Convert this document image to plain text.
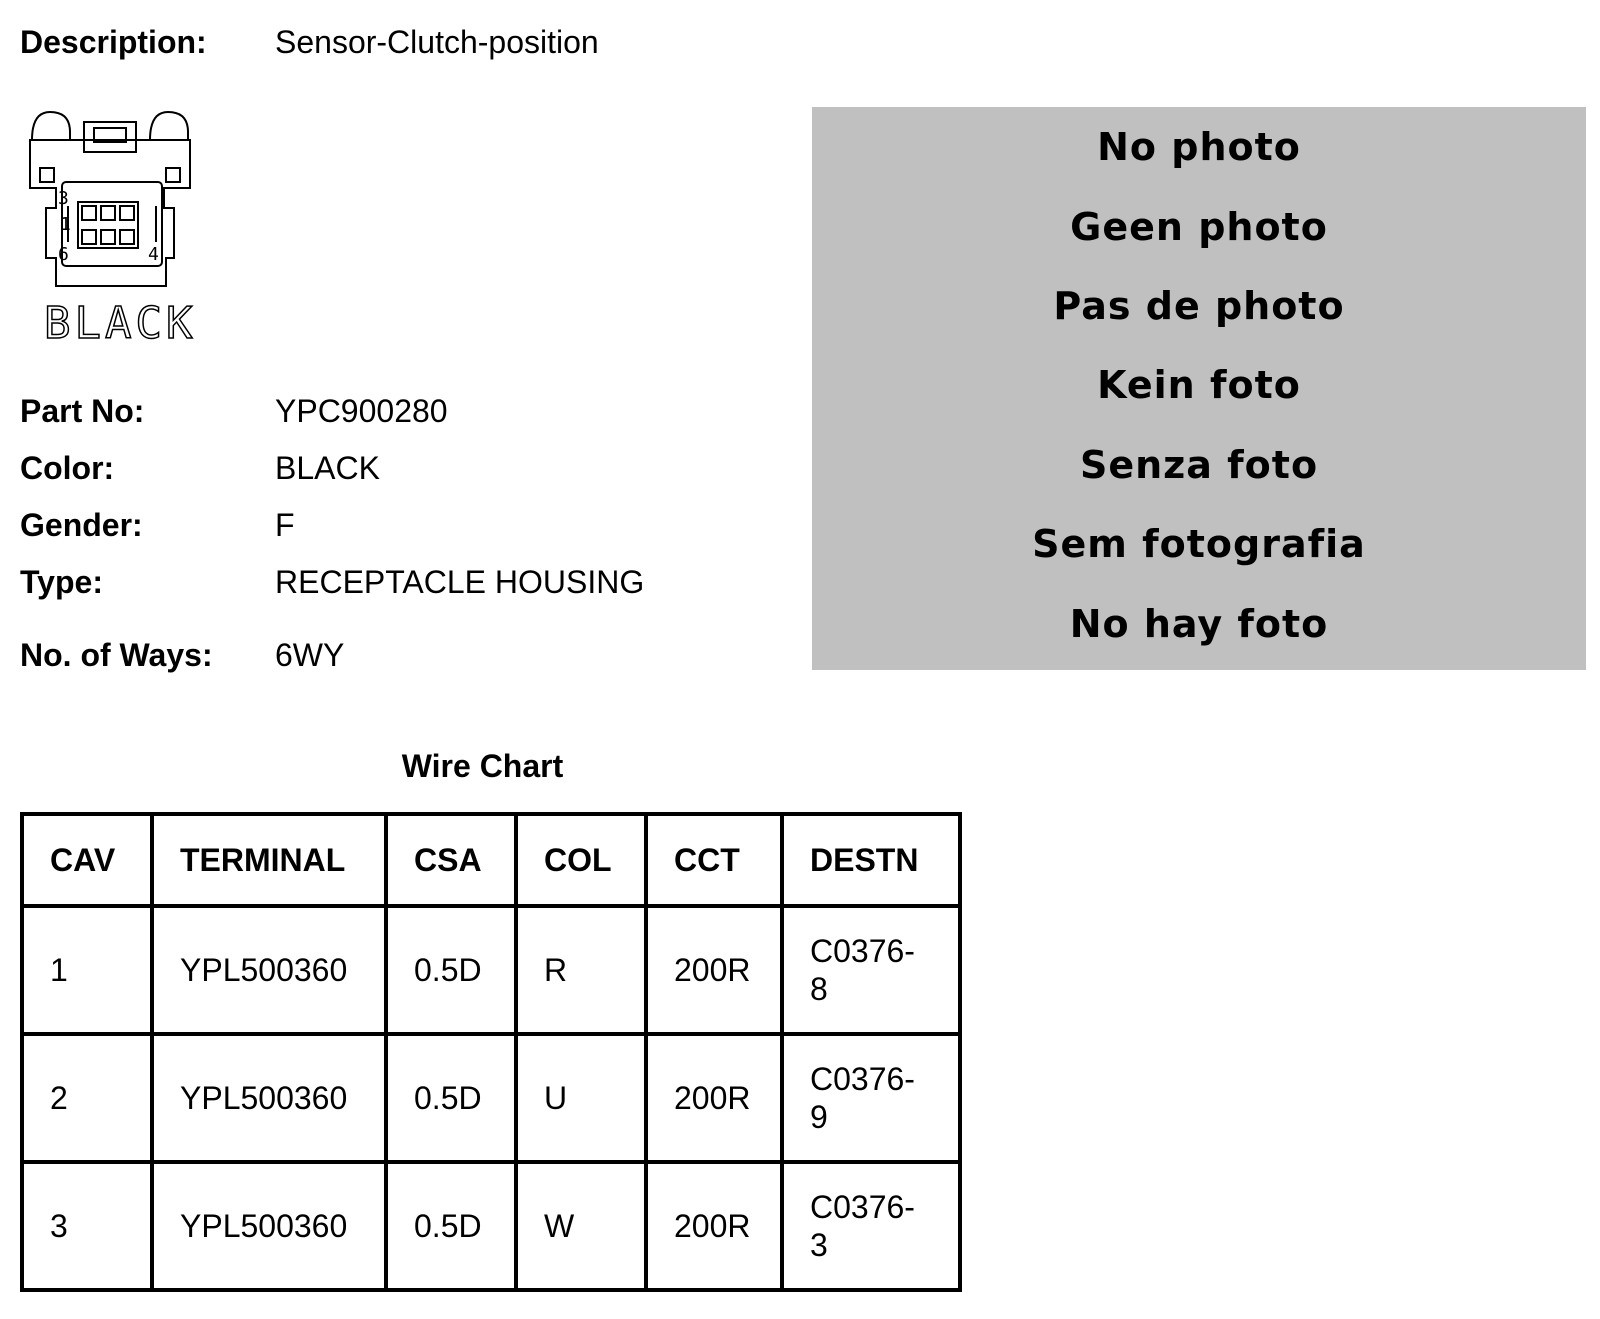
Description: Sensor-Clutch-position
3
1
6	4
BLACK
Part No:	YPC900280
Color:	BLACK
Gender:	F
Type:	RECEPTACLE HOUSING
No. of Ways: 6WY
No photo
Geen photo
Pas de photo
Kein foto
Senza foto
Sem fotografia
No hay foto
Wire Chart
CAV	TERMINAL	CSA	COL	CCT	DESTN
1	YPL500360	0.5D	R	200R	C0376-
8
2	YPL500360	0.5D	U	200R	C0376-
9
3	YPL500360	0.5D	W	200R	C0376-
3
